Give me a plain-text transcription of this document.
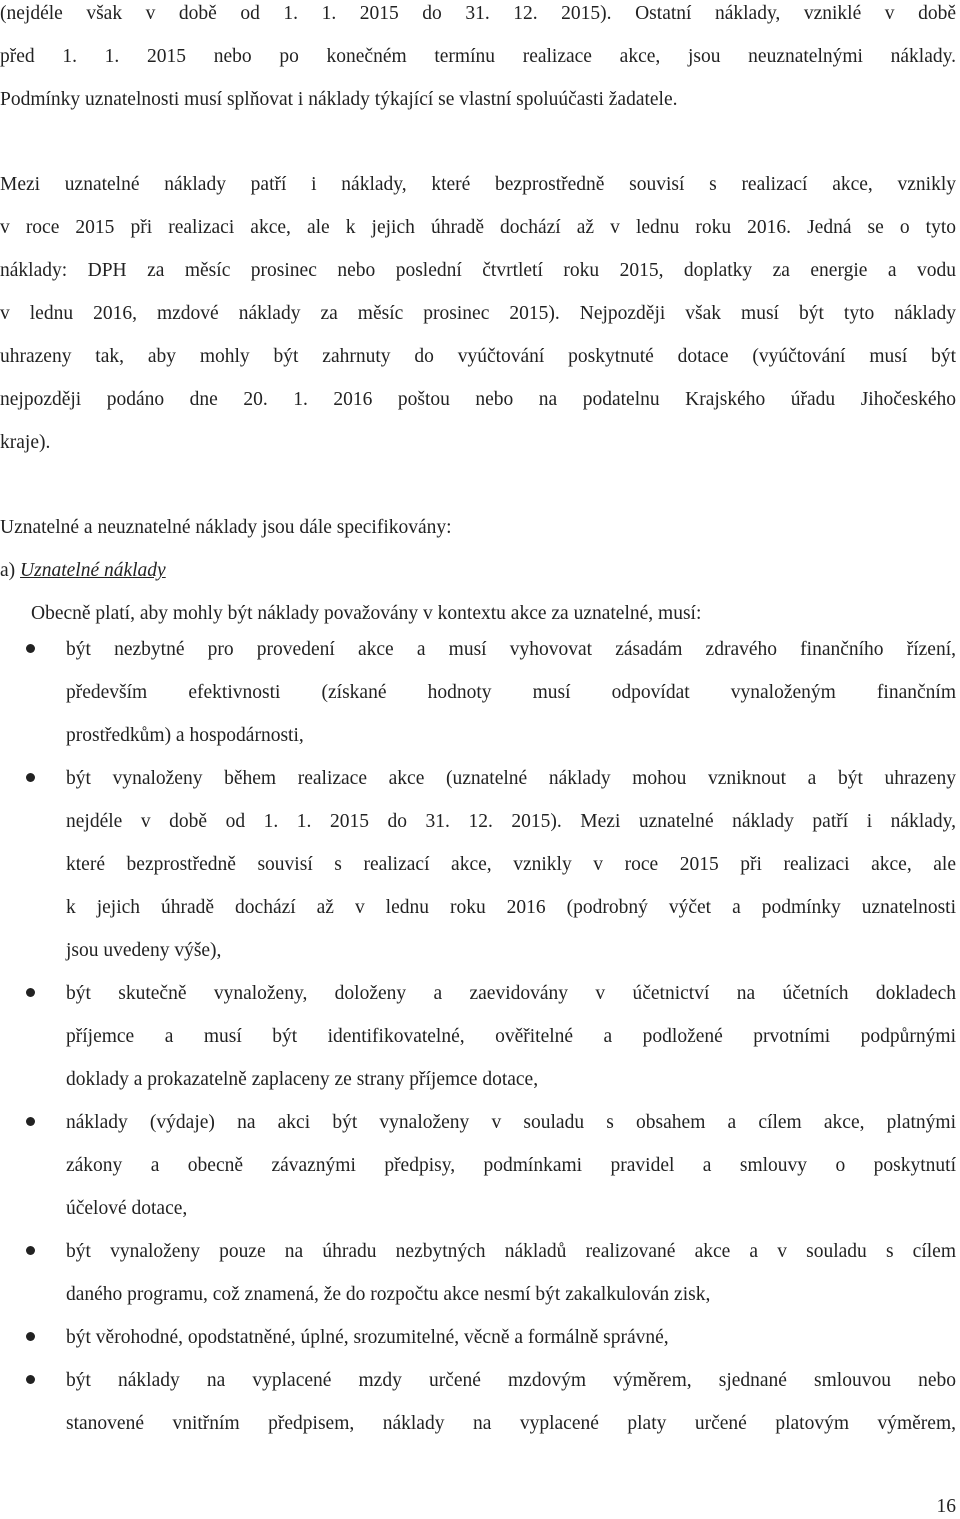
(nejdéle však v době od 1. 1. 2015 do 31. 12. 2015). Ostatní náklady, vzniklé v době
před 1. 1. 2015 nebo po konečném termínu realizace akce, jsou neuznatelnými náklady.
Podmínky uznatelnosti musí splňovat i náklady týkající se vlastní spoluúčasti žadatele.
Mezi uznatelné náklady patří i náklady, které bezprostředně souvisí s realizací akce, vznikly
v roce 2015 při realizaci akce, ale k jejich úhradě dochází až v lednu roku 2016. Jedná se o tyto
náklady: DPH za měsíc prosinec nebo poslední čtvrtletí roku 2015, doplatky za energie a vodu
v lednu 2016, mzdové náklady za měsíc prosinec 2015). Nejpozději však musí být tyto náklady
uhrazeny tak, aby mohly být zahrnuty do vyúčtování poskytnuté dotace (vyúčtování musí být
nejpozději podáno dne 20. 1. 2016 poštou nebo na podatelnu Krajského úřadu Jihočeského
kraje).
Uznatelné a neuznatelné náklady jsou dále specifikovány:
a) Uznatelné náklady
Obecně platí, aby mohly být náklady považovány v kontextu akce za uznatelné, musí:
být nezbytné pro provedení akce a musí vyhovovat zásadám zdravého finančního řízení,
především efektivnosti (získané hodnoty musí odpovídat vynaloženým finančním
prostředkům) a hospodárnosti,
být vynaloženy během realizace akce (uznatelné náklady mohou vzniknout a být uhrazeny
nejdéle v době od 1. 1. 2015 do 31. 12. 2015). Mezi uznatelné náklady patří i náklady,
které bezprostředně souvisí s realizací akce, vznikly v roce 2015 při realizaci akce, ale
k jejich úhradě dochází až v lednu roku 2016 (podrobný výčet a podmínky uznatelnosti
jsou uvedeny výše),
být skutečně vynaloženy, doloženy a zaevidovány v účetnictví na účetních dokladech
příjemce a musí být identifikovatelné, ověřitelné a podložené prvotními podpůrnými
doklady a prokazatelně zaplaceny ze strany příjemce dotace,
náklady (výdaje) na akci být vynaloženy v souladu s obsahem a cílem akce, platnými
zákony a obecně závaznými předpisy, podmínkami pravidel a smlouvy o poskytnutí
účelové dotace,
být vynaloženy pouze na úhradu nezbytných nákladů realizované akce a v souladu s cílem
daného programu, což znamená, že do rozpočtu akce nesmí být zakalkulován zisk,
být věrohodné, opodstatněné, úplné, srozumitelné, věcně a formálně správné,
být náklady na vyplacené mzdy určené mzdovým výměrem, sjednané smlouvou nebo
stanovené vnitřním předpisem, náklady na vyplacené platy určené platovým výměrem,
16
